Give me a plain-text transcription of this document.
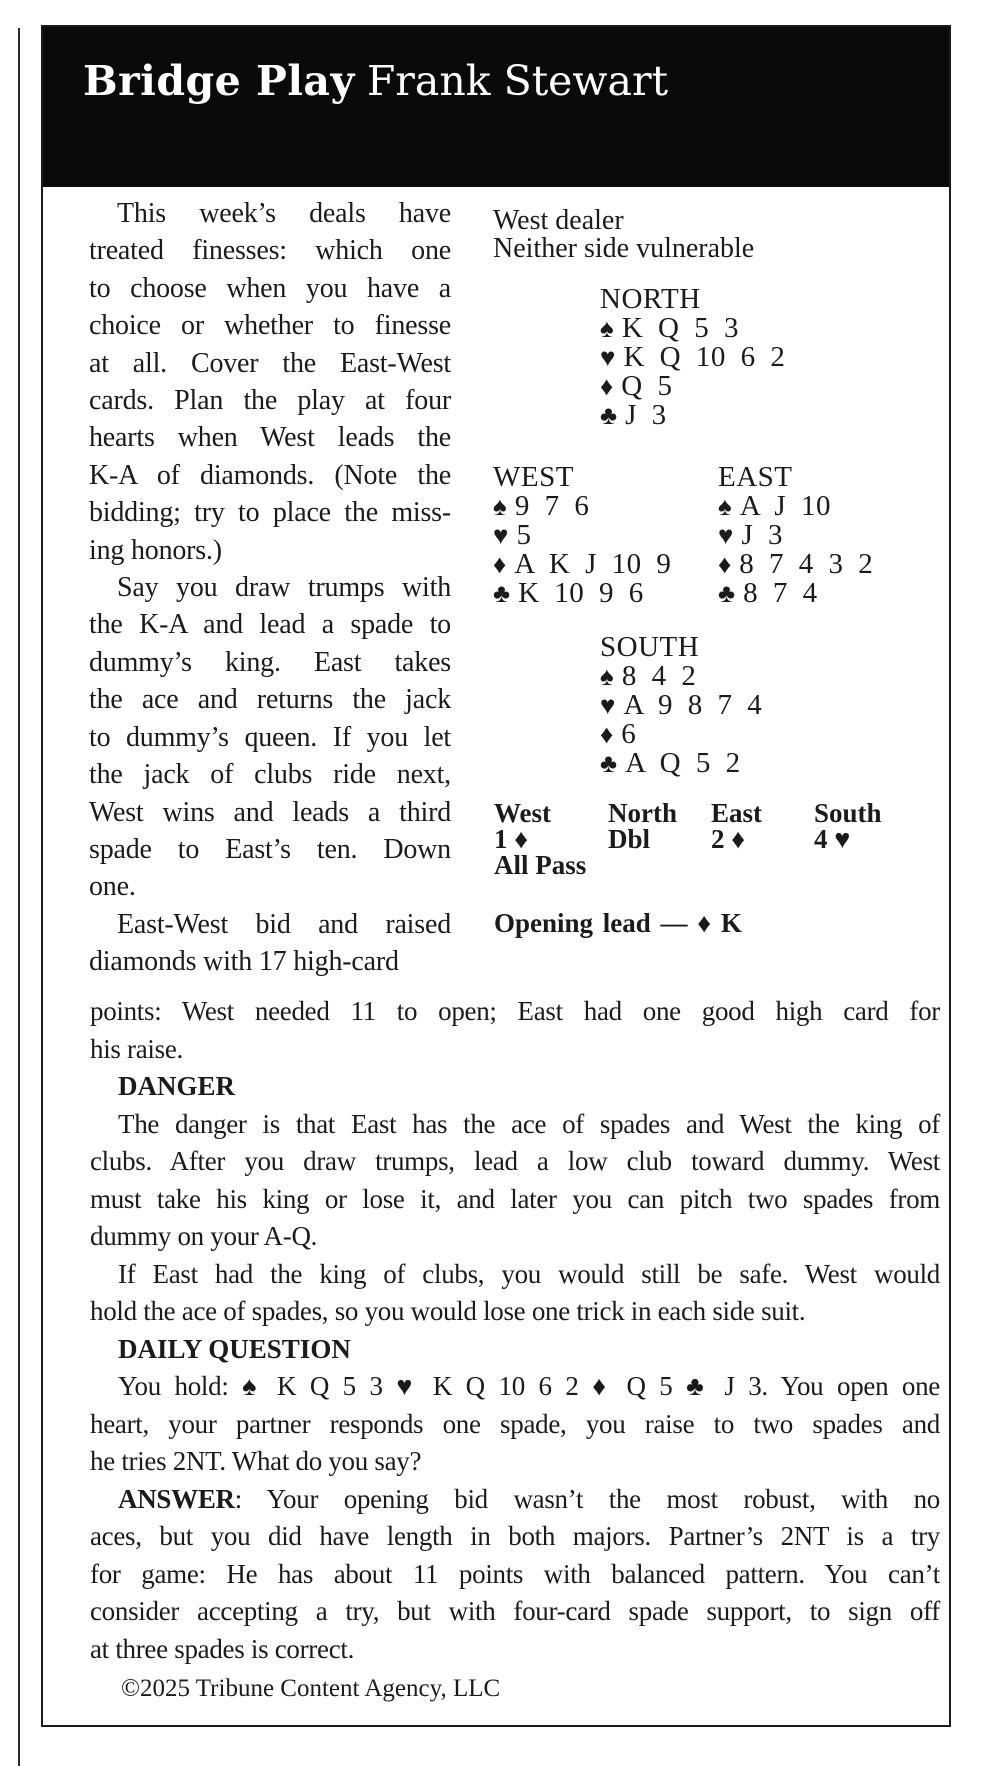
Bridge Play Frank Stewart
This week’s deals have
treated finesses: which one
to choose when you have a
choice or whether to finesse
at all. Cover the East-West
cards. Plan the play at four
hearts when West leads the
K-A of diamonds. (Note the
bidding; try to place the miss-
ing honors.)
Say you draw trumps with
the K-A and lead a spade to
dummy’s king. East takes
the ace and returns the jack
to dummy’s queen. If you let
the jack of clubs ride next,
West wins and leads a third
spade to East’s ten. Down
one.
East-West bid and raised
diamonds with 17 high-card
West dealer
Neither side vulnerable
NORTH
♠ K Q 5 3
♥ K Q 10 6 2
♦ Q 5
♣ J 3
WEST
♠ 9 7 6
♥ 5
♦ A K J 10 9
♣ K 10 9 6
EAST
♠ A J 10
♥ J 3
♦ 8 7 4 3 2
♣ 8 7 4
SOUTH
♠ 8 4 2
♥ A 9 8 7 4
♦ 6
♣ A Q 5 2
West	North	East	South
1 ♦	Dbl	2 ♦	4 ♥
All Pass
Opening lead — ♦ K
points: West needed 11 to open; East had one good high card for
his raise.
DANGER
The danger is that East has the ace of spades and West the king of
clubs. After you draw trumps, lead a low club toward dummy. West
must take his king or lose it, and later you can pitch two spades from
dummy on your A-Q.
If East had the king of clubs, you would still be safe. West would
hold the ace of spades, so you would lose one trick in each side suit.
DAILY QUESTION
You hold: ♠ K Q 5 3 ♥ K Q 10 6 2 ♦ Q 5 ♣ J 3. You open one
heart, your partner responds one spade, you raise to two spades and
he tries 2NT. What do you say?
ANSWER: Your opening bid wasn’t the most robust, with no
aces, but you did have length in both majors. Partner’s 2NT is a try
for game: He has about 11 points with balanced pattern. You can’t
consider accepting a try, but with four-card spade support, to sign off
at three spades is correct.
©2025 Tribune Content Agency, LLC
